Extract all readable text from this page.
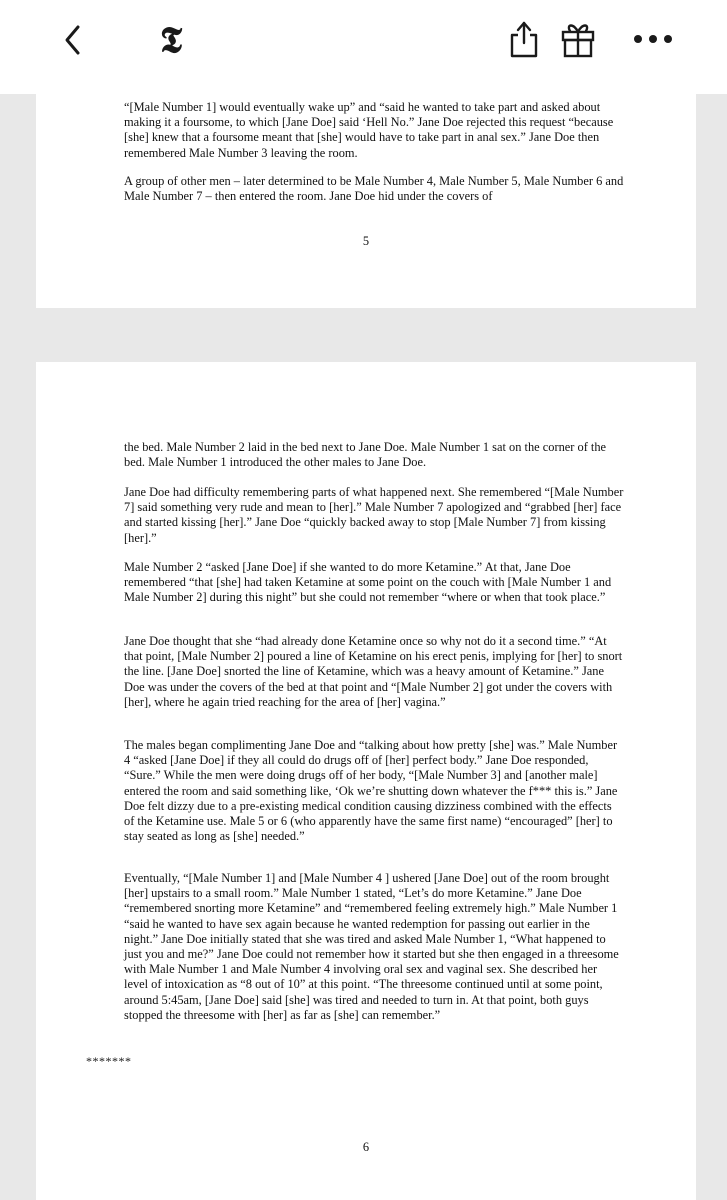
𝕿

“[Male Number 1] would eventually wake up” and “said he wanted to take part and asked about making it a foursome, to which [Jane Doe] said ‘Hell No.” Jane Doe rejected this request “because [she] knew that a foursome meant that [she] would have to take part in anal sex.” Jane Doe then remembered Male Number 3 leaving the room.

A group of other men – later determined to be Male Number 4, Male Number 5, Male Number 6 and Male Number 7 – then entered the room. Jane Doe hid under the covers of

5

the bed. Male Number 2 laid in the bed next to Jane Doe. Male Number 1 sat on the corner of the bed. Male Number 1 introduced the other males to Jane Doe.

Jane Doe had difficulty remembering parts of what happened next. She remembered “[Male Number 7] said something very rude and mean to [her].” Male Number 7 apologized and “grabbed [her] face and started kissing [her].” Jane Doe “quickly backed away to stop [Male Number 7] from kissing [her].”

Male Number 2 “asked [Jane Doe] if she wanted to do more Ketamine.” At that, Jane Doe remembered “that [she] had taken Ketamine at some point on the couch with [Male Number 1 and Male Number 2] during this night” but she could not remember “where or when that took place.”

Jane Doe thought that she “had already done Ketamine once so why not do it a second time.” “At that point, [Male Number 2] poured a line of Ketamine on his erect penis, implying for [her] to snort the line. [Jane Doe] snorted the line of Ketamine, which was a heavy amount of Ketamine.” Jane Doe was under the covers of the bed at that point and “[Male Number 2] got under the covers with [her], where he again tried reaching for the area of [her] vagina.”

The males began complimenting Jane Doe and “talking about how pretty [she] was.” Male Number 4 “asked [Jane Doe] if they all could do drugs off of [her] perfect body.” Jane Doe responded, “Sure.” While the men were doing drugs off of her body, “[Male Number 3] and [another male] entered the room and said something like, ‘Ok we’re shutting down whatever the f*** this is.” Jane Doe felt dizzy due to a pre-existing medical condition causing dizziness combined with the effects of the Ketamine use. Male 5 or 6 (who apparently have the same first name) “encouraged” [her] to stay seated as long as [she] needed.”

Eventually, “[Male Number 1] and [Male Number 4 ] ushered [Jane Doe] out of the room brought [her] upstairs to a small room.” Male Number 1 stated, “Let’s do more Ketamine.” Jane Doe “remembered snorting more Ketamine” and “remembered feeling extremely high.” Male Number 1 “said he wanted to have sex again because he wanted redemption for passing out earlier in the night.” Jane Doe initially stated that she was tired and asked Male Number 1, “What happened to just you and me?” Jane Doe could not remember how it started but she then engaged in a threesome with Male Number 1 and Male Number 4 involving oral sex and vaginal sex. She described her level of intoxication as “8 out of 10” at this point. “The threesome continued until at some point, around 5:45am, [Jane Doe] said [she] was tired and needed to turn in. At that point, both guys stopped the threesome with [her] as far as [she] can remember.”

*******
6
